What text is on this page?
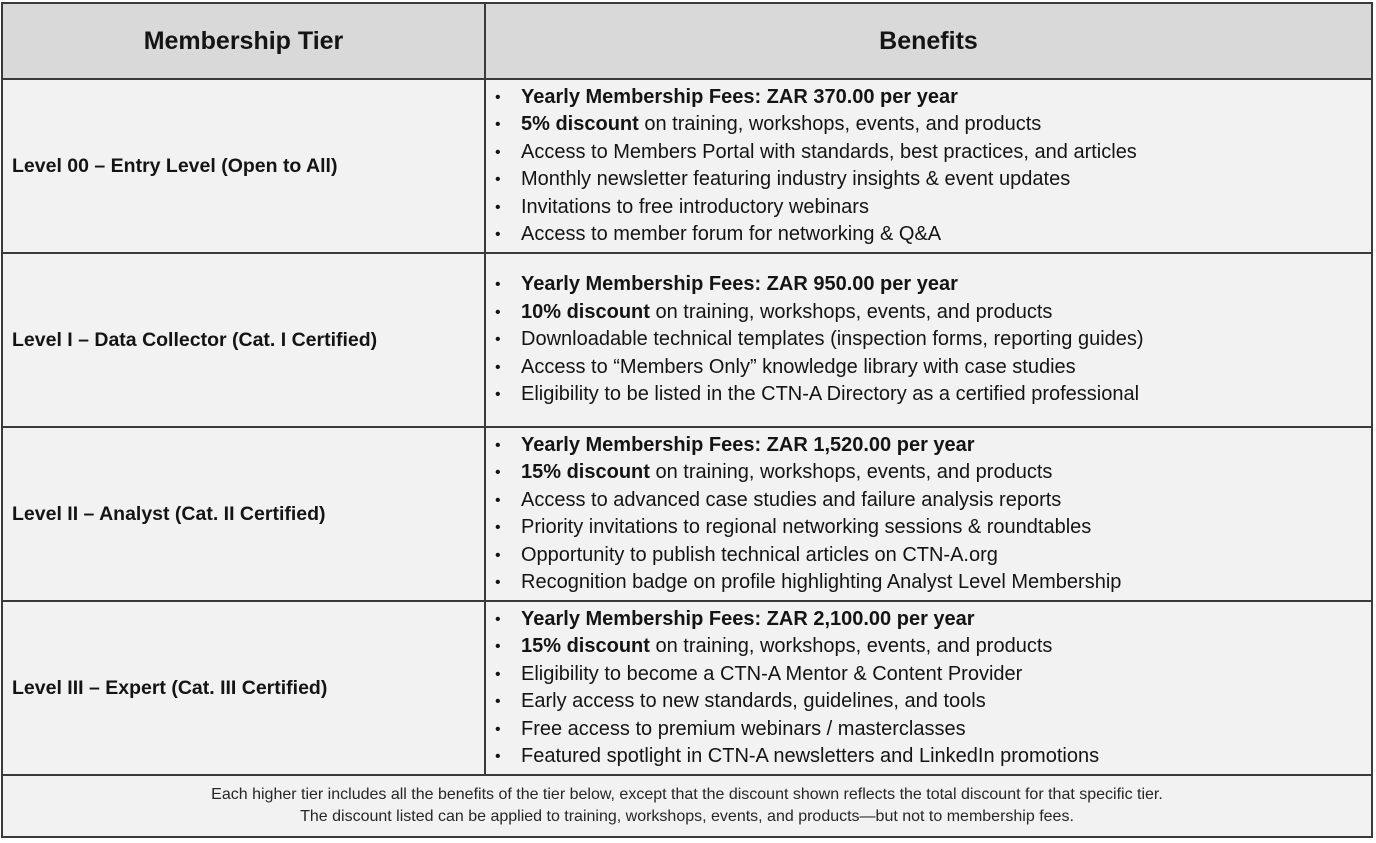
Membership Tier	Benefits
Level 00 – Entry Level (Open to All)
• Yearly Membership Fees: ZAR 370.00 per year
• 5% discount on training, workshops, events, and products
• Access to Members Portal with standards, best practices, and articles
• Monthly newsletter featuring industry insights & event updates
• Invitations to free introductory webinars
• Access to member forum for networking & Q&A
Level I – Data Collector (Cat. I Certified)
• Yearly Membership Fees: ZAR 950.00 per year
• 10% discount on training, workshops, events, and products
• Downloadable technical templates (inspection forms, reporting guides)
• Access to “Members Only” knowledge library with case studies
• Eligibility to be listed in the CTN-A Directory as a certified professional
Level II – Analyst (Cat. II Certified)
• Yearly Membership Fees: ZAR 1,520.00 per year
• 15% discount on training, workshops, events, and products
• Access to advanced case studies and failure analysis reports
• Priority invitations to regional networking sessions & roundtables
• Opportunity to publish technical articles on CTN-A.org
• Recognition badge on profile highlighting Analyst Level Membership
Level III – Expert (Cat. III Certified)
• Yearly Membership Fees: ZAR 2,100.00 per year
• 15% discount on training, workshops, events, and products
• Eligibility to become a CTN-A Mentor & Content Provider
• Early access to new standards, guidelines, and tools
• Free access to premium webinars / masterclasses
• Featured spotlight in CTN-A newsletters and LinkedIn promotions
Each higher tier includes all the benefits of the tier below, except that the discount shown reflects the total discount for that specific tier.
The discount listed can be applied to training, workshops, events, and products—but not to membership fees.
